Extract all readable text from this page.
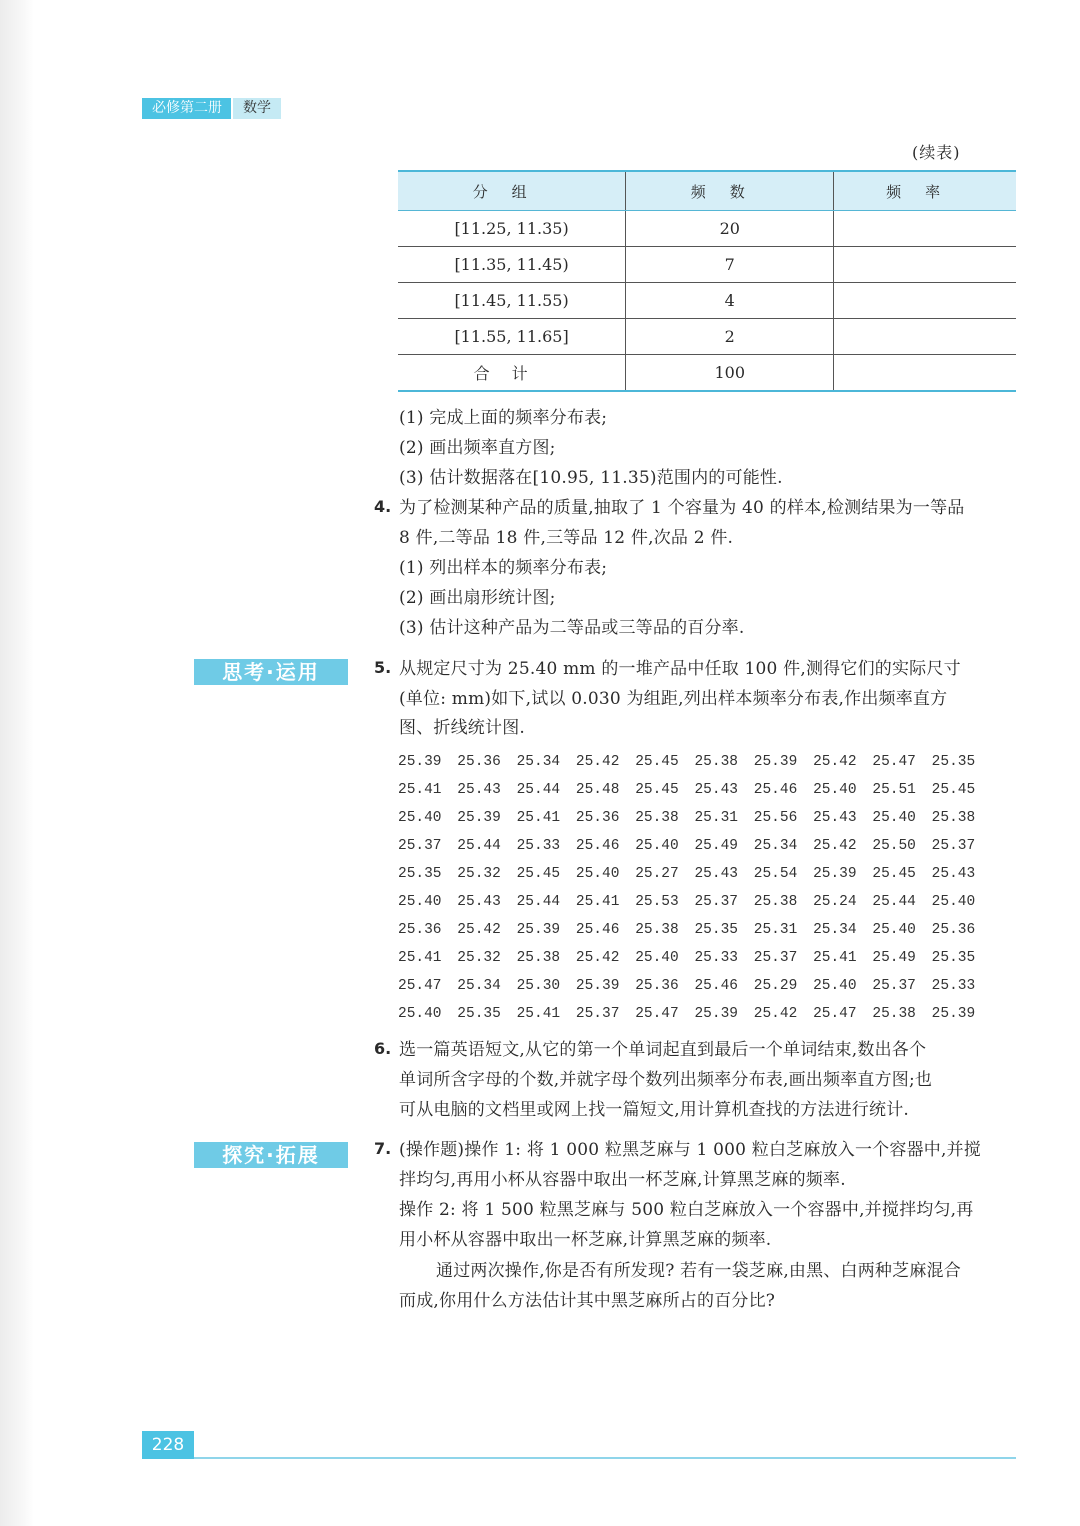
必修第二册	数学
(续表)
分组	频数	频率
[11.25, 11.35)	20	
[11.35, 11.45)	7	
[11.45, 11.55)	4	
[11.55, 11.65]	2	
合计	100	
(1) 完成上面的频率分布表;
(2) 画出频率直方图;
(3) 估计数据落在[10.95, 11.35)范围内的可能性.
4. 为了检测某种产品的质量,抽取了 1 个容量为 40 的样本,检测结果为一等品
8 件,二等品 18 件,三等品 12 件,次品 2 件.
(1) 列出样本的频率分布表;
(2) 画出扇形统计图;
(3) 估计这种产品为二等品或三等品的百分率.
思考·运用	5. 从规定尺寸为 25.40 mm 的一堆产品中任取 100 件,测得它们的实际尺寸
(单位: mm)如下,试以 0.030 为组距,列出样本频率分布表,作出频率直方
图、折线统计图.
25.39	25.36	25.34	25.42	25.45	25.38	25.39	25.42	25.47	25.35
25.41	25.43	25.44	25.48	25.45	25.43	25.46	25.40	25.51	25.45
25.40	25.39	25.41	25.36	25.38	25.31	25.56	25.43	25.40	25.38
25.37	25.44	25.33	25.46	25.40	25.49	25.34	25.42	25.50	25.37
25.35	25.32	25.45	25.40	25.27	25.43	25.54	25.39	25.45	25.43
25.40	25.43	25.44	25.41	25.53	25.37	25.38	25.24	25.44	25.40
25.36	25.42	25.39	25.46	25.38	25.35	25.31	25.34	25.40	25.36
25.41	25.32	25.38	25.42	25.40	25.33	25.37	25.41	25.49	25.35
25.47	25.34	25.30	25.39	25.36	25.46	25.29	25.40	25.37	25.33
25.40	25.35	25.41	25.37	25.47	25.39	25.42	25.47	25.38	25.39
6. 选一篇英语短文,从它的第一个单词起直到最后一个单词结束,数出各个
单词所含字母的个数,并就字母个数列出频率分布表,画出频率直方图;也
可从电脑的文档里或网上找一篇短文,用计算机查找的方法进行统计.
探究·拓展	7. (操作题)操作 1: 将 1 000 粒黑芝麻与 1 000 粒白芝麻放入一个容器中,并搅
拌均匀,再用小杯从容器中取出一杯芝麻,计算黑芝麻的频率.
操作 2: 将 1 500 粒黑芝麻与 500 粒白芝麻放入一个容器中,并搅拌均匀,再
用小杯从容器中取出一杯芝麻,计算黑芝麻的频率.
通过两次操作,你是否有所发现? 若有一袋芝麻,由黑、白两种芝麻混合
而成,你用什么方法估计其中黑芝麻所占的百分比?
228
